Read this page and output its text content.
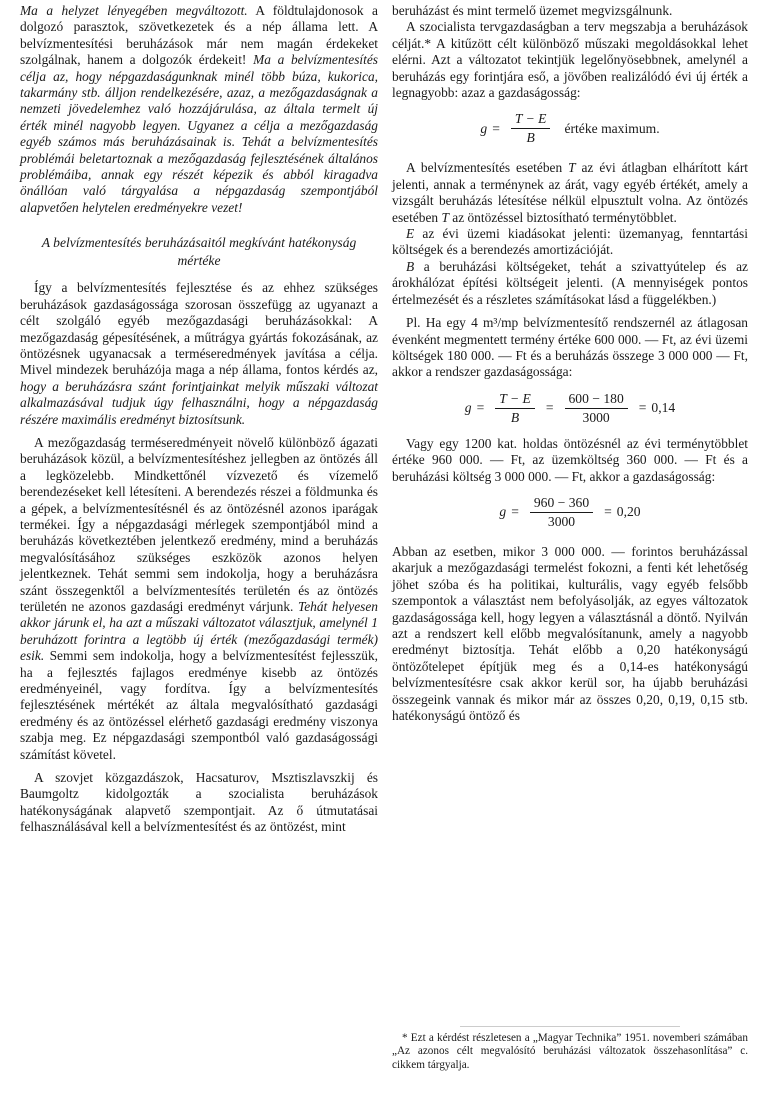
Ma a helyzet lényegében megváltozott. A földtulajdonosok a dolgozó parasztok, szövetkezetek és a nép állama lett. A belvízmentesítési beruházások már nem magán érdekeket szolgálnak, hanem a dolgozók érdekeit! Ma a belvízmentesítés célja az, hogy népgazdaságunknak minél több búza, kukorica, takarmány stb. álljon rendelkezésére, azaz, a mezőgazdaságnak a nemzeti jövedelemhez való hozzájárulása, az általa termelt új érték minél nagyobb legyen. Ugyanez a célja a mezőgazdaság egyéb számos más beruházásainak is. Tehát a belvízmentesítés problémái beletartoznak a mezőgazdaság fejlesztésének általános problémáiba, annak egy részét képezik és abból kiragadva önállóan való tárgyalása a népgazdaság szempontjából alapvetően helytelen eredményekre vezet!

A belvízmentesítés beruházásaitól megkívánt hatékonyság mértéke

Így a belvízmentesítés fejlesztése és az ehhez szükséges beruházások gazdaságossága szorosan összefügg az ugyanazt a célt szolgáló egyéb mezőgazdasági beruházásokkal: A mezőgazdaság gépesítésének, a műtrágya gyártás fokozásának, az öntözésnek ugyanacsak a terméseredmények javítása a célja. Mivel mindezek beruházója maga a nép állama, fontos kérdés az, hogy a beruházásra szánt forintjainkat melyik műszaki változat alkalmazásával tudjuk úgy felhasználni, hogy a népgazdaság részére maximális eredményt biztosítsunk.

A mezőgazdaság terméseredményeit növelő különböző ágazati beruházások közül, a belvízmentesítéshez jellegben az öntözés áll a legközelebb. Mindkettőnél vízvezető és vízemelő berendezéseket kell létesíteni. A berendezés részei a földmunka és a gépek, a belvízmentesítésnél és az öntözésnél azonos iparágak termékei. Így a népgazdasági mérlegek szempontjából mind a beruházás következtében jelentkező eredmény, mind a beruházás megvalósításához szükséges eszközök azonos helyen jelentkeznek. Tehát semmi sem indokolja, hogy a beruházásra szánt összegenktől a belvízmentesítés területén és az öntözés területén ne azonos gazdasági eredményt várjunk. Tehát helyesen akkor járunk el, ha azt a műszaki változatot választjuk, amelynél 1 beruházott forintra a legtöbb új érték (mezőgazdasági termék) esik. Semmi sem indokolja, hogy a belvízmentesítést fejlesszük, ha a fejlesztés fajlagos eredménye kisebb az öntözés eredményeinél, vagy fordítva. Így a belvízmentesítés fejlesztésének mértékét az általa megvalósítható gazdasági eredmény és az öntözéssel elérhető gazdasági eredmény viszonya szabja meg. Ez népgazdasági szempontból való gazdaságossági számítást követel.

A szovjet közgazdászok, Hacsaturov, Msztiszlavszkij és Baumgoltz kidolgozták a szocialista beruházások hatékonyságának alapvető szempontjait. Az ő útmutatásai felhasználásával kell a belvízmentesítést és az öntözést, mint

beruházást és mint termelő üzemet megvizsgálnunk.

A szocialista tervgazdaságban a terv megszabja a beruházások célját.* A kitűzött célt különböző műszaki megoldásokkal lehet elérni. Azt a változatot tekintjük legelőnyösebbnek, amelynél a beruházás egy forintjára eső, a jövőben realizálódó évi új érték a legnagyobb: azaz a gazdaságosság:

$g = \frac{T - E}{B}$ értéke maximum.

A belvízmentesítés esetében T az évi átlagban elhárított kárt jelenti, annak a terménynek az árát, vagy egyéb értékét, amely a vizsgált beruházás létesítése nélkül elpusztult volna. Az öntözés esetében T az öntözéssel biztosítható terménytöbblet.

E az évi üzemi kiadásokat jelenti: üzemanyag, fenntartási költségek és a berendezés amortizációját.

B a beruházási költségeket, tehát a szivattyútelep és az árokhálózat építési költségeit jelenti. (A mennyiségek pontos értelmezését és a részletes számításokat lásd a függelékben.)

Pl. Ha egy 4 m³/mp belvízmentesítő rendszernél az átlagosan évenként megmentett termény értéke 600 000. — Ft, az évi üzemi költségek 180 000. — Ft és a beruházás összege 3 000 000 — Ft, akkor a rendszer gazdaságossága:

$g = \frac{T - E}{B} = \frac{600 - 180}{3000} = 0,14$

Vagy egy 1200 kat. holdas öntözésnél az évi terménytöbblet értéke 960 000. — Ft, az üzemköltség 360 000. — Ft és a beruházási költség 3 000 000. — Ft, akkor a gazdaságosság:

$g = \frac{960 - 360}{3000} = 0,20$

Abban az esetben, mikor 3 000 000. — forintos beruházással akarjuk a mezőgazdasági termelést fokozni, a fenti két lehetőség jöhet szóba és ha politikai, kulturális, vagy egyéb felsőbb szempontok a választást nem befolyásolják, az egyes változatok gazdaságossága kell, hogy legyen a választásnál a döntő. Nyilván azt a rendszert kell előbb megvalósítanunk, amely a nagyobb eredményt biztosítja. Tehát előbb a 0,20 hatékonyságú öntözőtelepet építjük meg és a 0,14-es hatékonyságú belvízmentesítésre csak akkor kerül sor, ha újabb beruházási összegeink vannak és mikor már az összes 0,20, 0,19, 0,15 stb. hatékonyságú öntöző és

* Ezt a kérdést részletesen a „Magyar Technika” 1951. novemberi számában „Az azonos célt megvalósító beruházási változatok összehasonlítása” c. cikkem tárgyalja.
